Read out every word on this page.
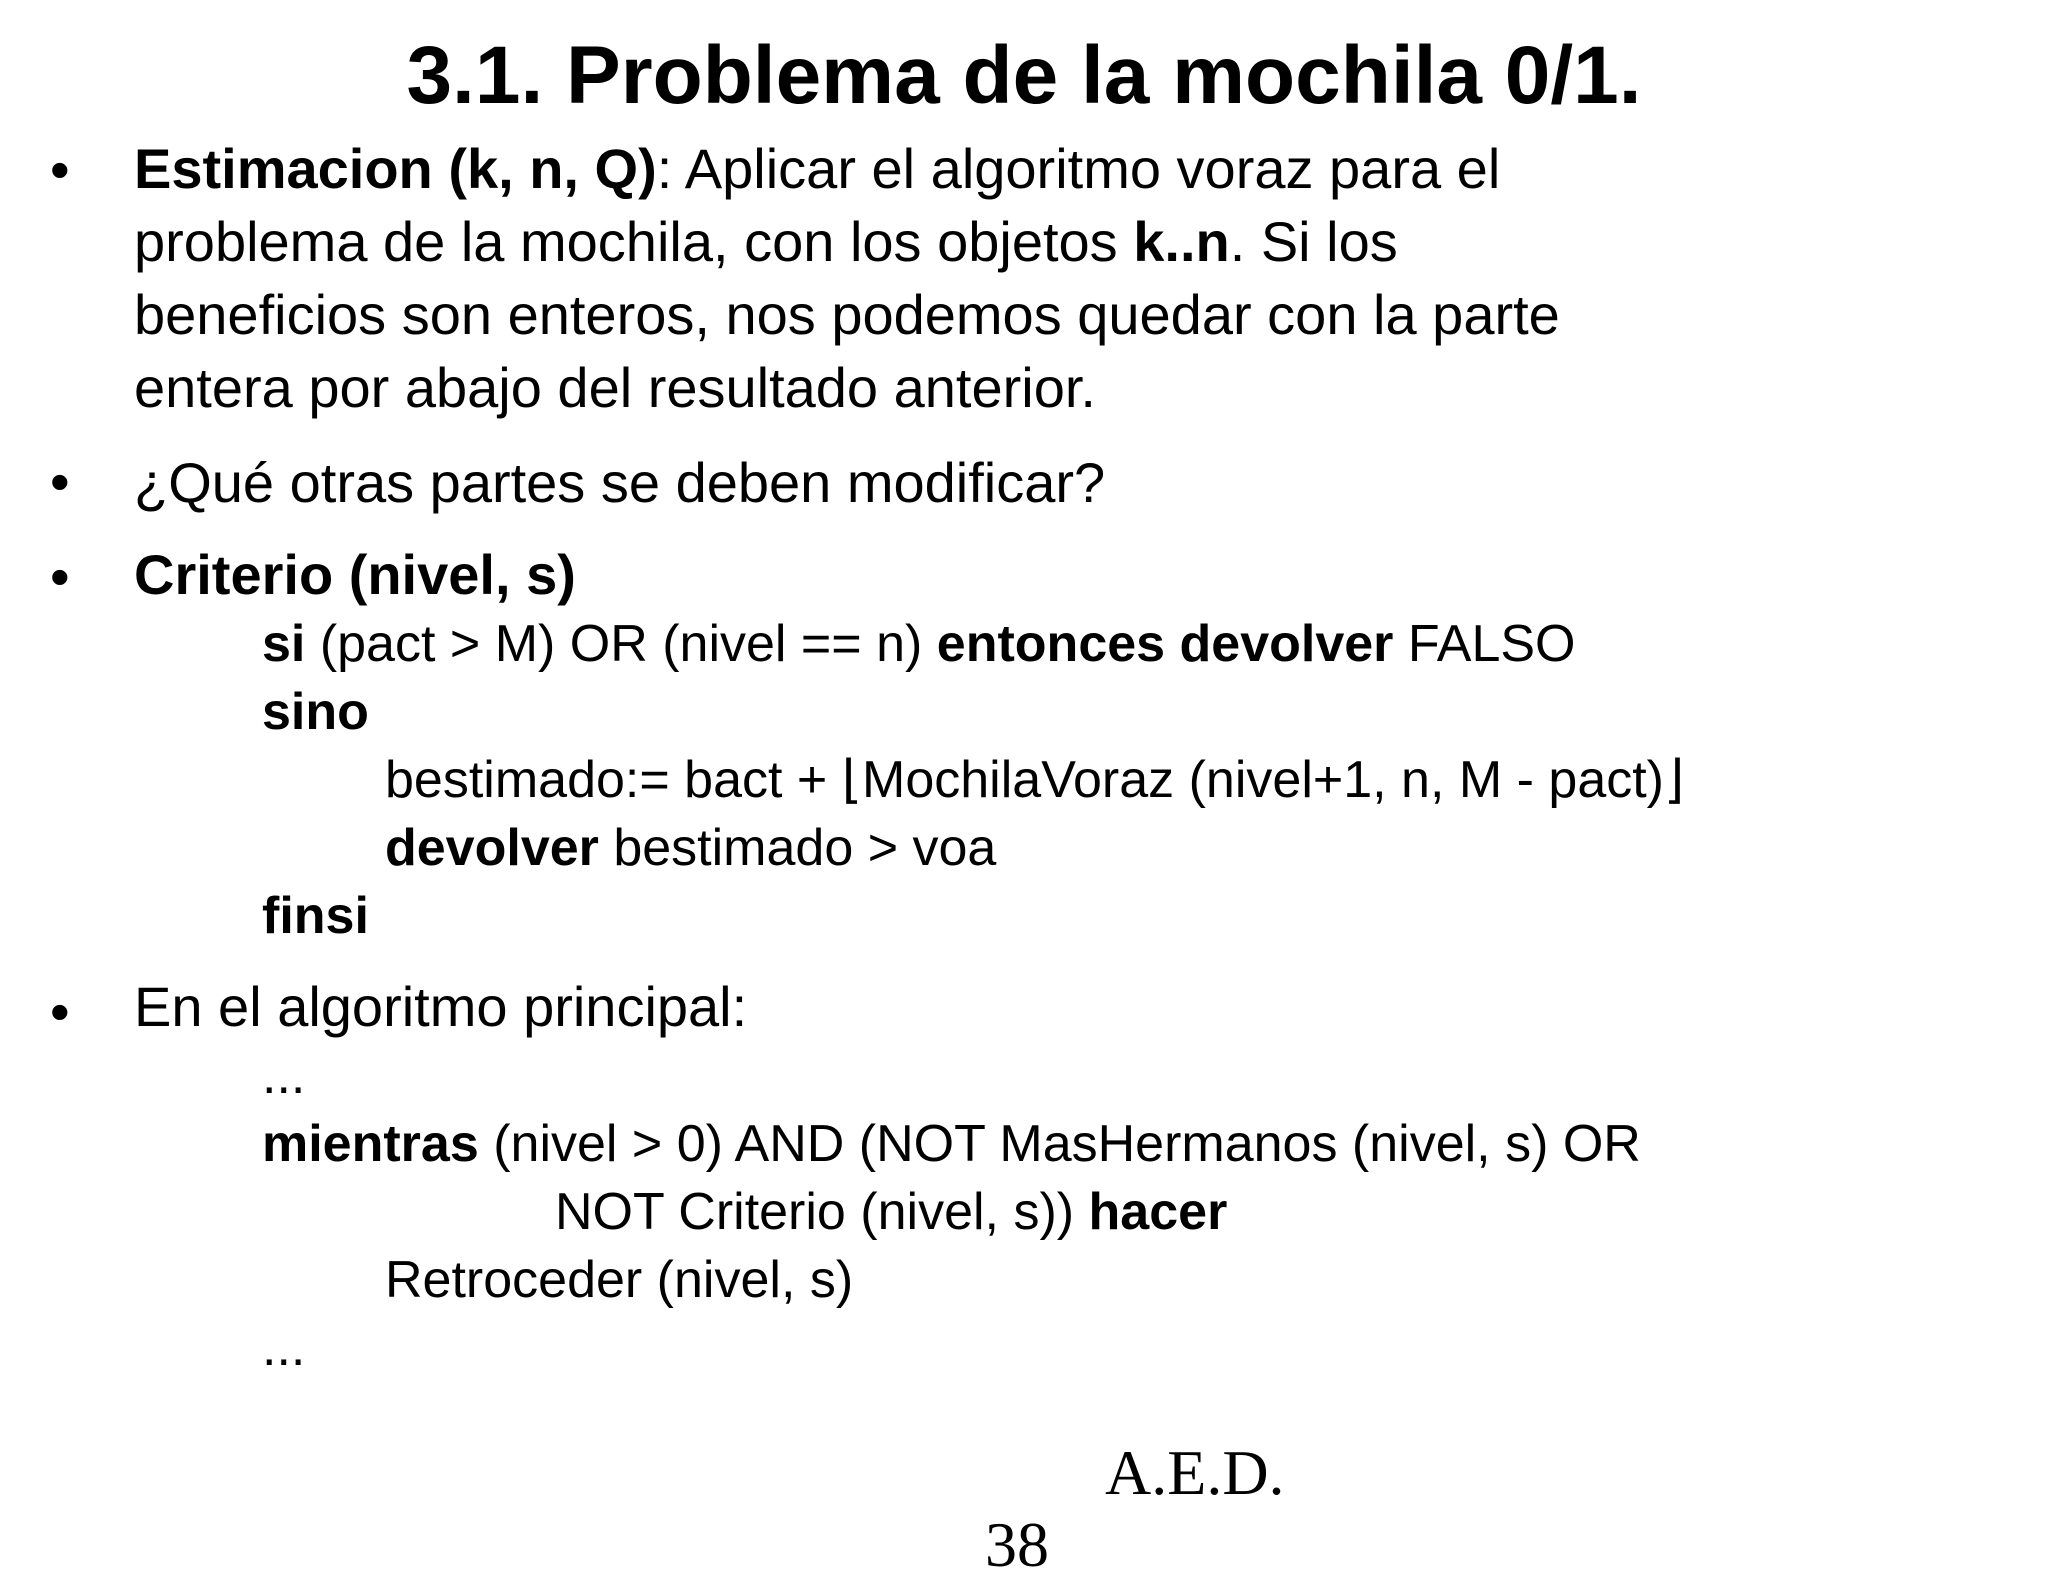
3.1. Problema de la mochila 0/1.
• Estimacion (k, n, Q): Aplicar el algoritmo voraz para el
problema de la mochila, con los objetos k..n. Si los
beneficios son enteros, nos podemos quedar con la parte
entera por abajo del resultado anterior.
• ¿Qué otras partes se deben modificar?
• Criterio (nivel, s)
si (pact > M) OR (nivel == n) entonces devolver FALSO
sino
bestimado:= bact + ⌊MochilaVoraz (nivel+1, n, M - pact)⌋
devolver bestimado > voa
finsi
• En el algoritmo principal:
...
mientras (nivel > 0) AND (NOT MasHermanos (nivel, s) OR
NOT Criterio (nivel, s)) hacer
Retroceder (nivel, s)
...
A.E.D.
38
